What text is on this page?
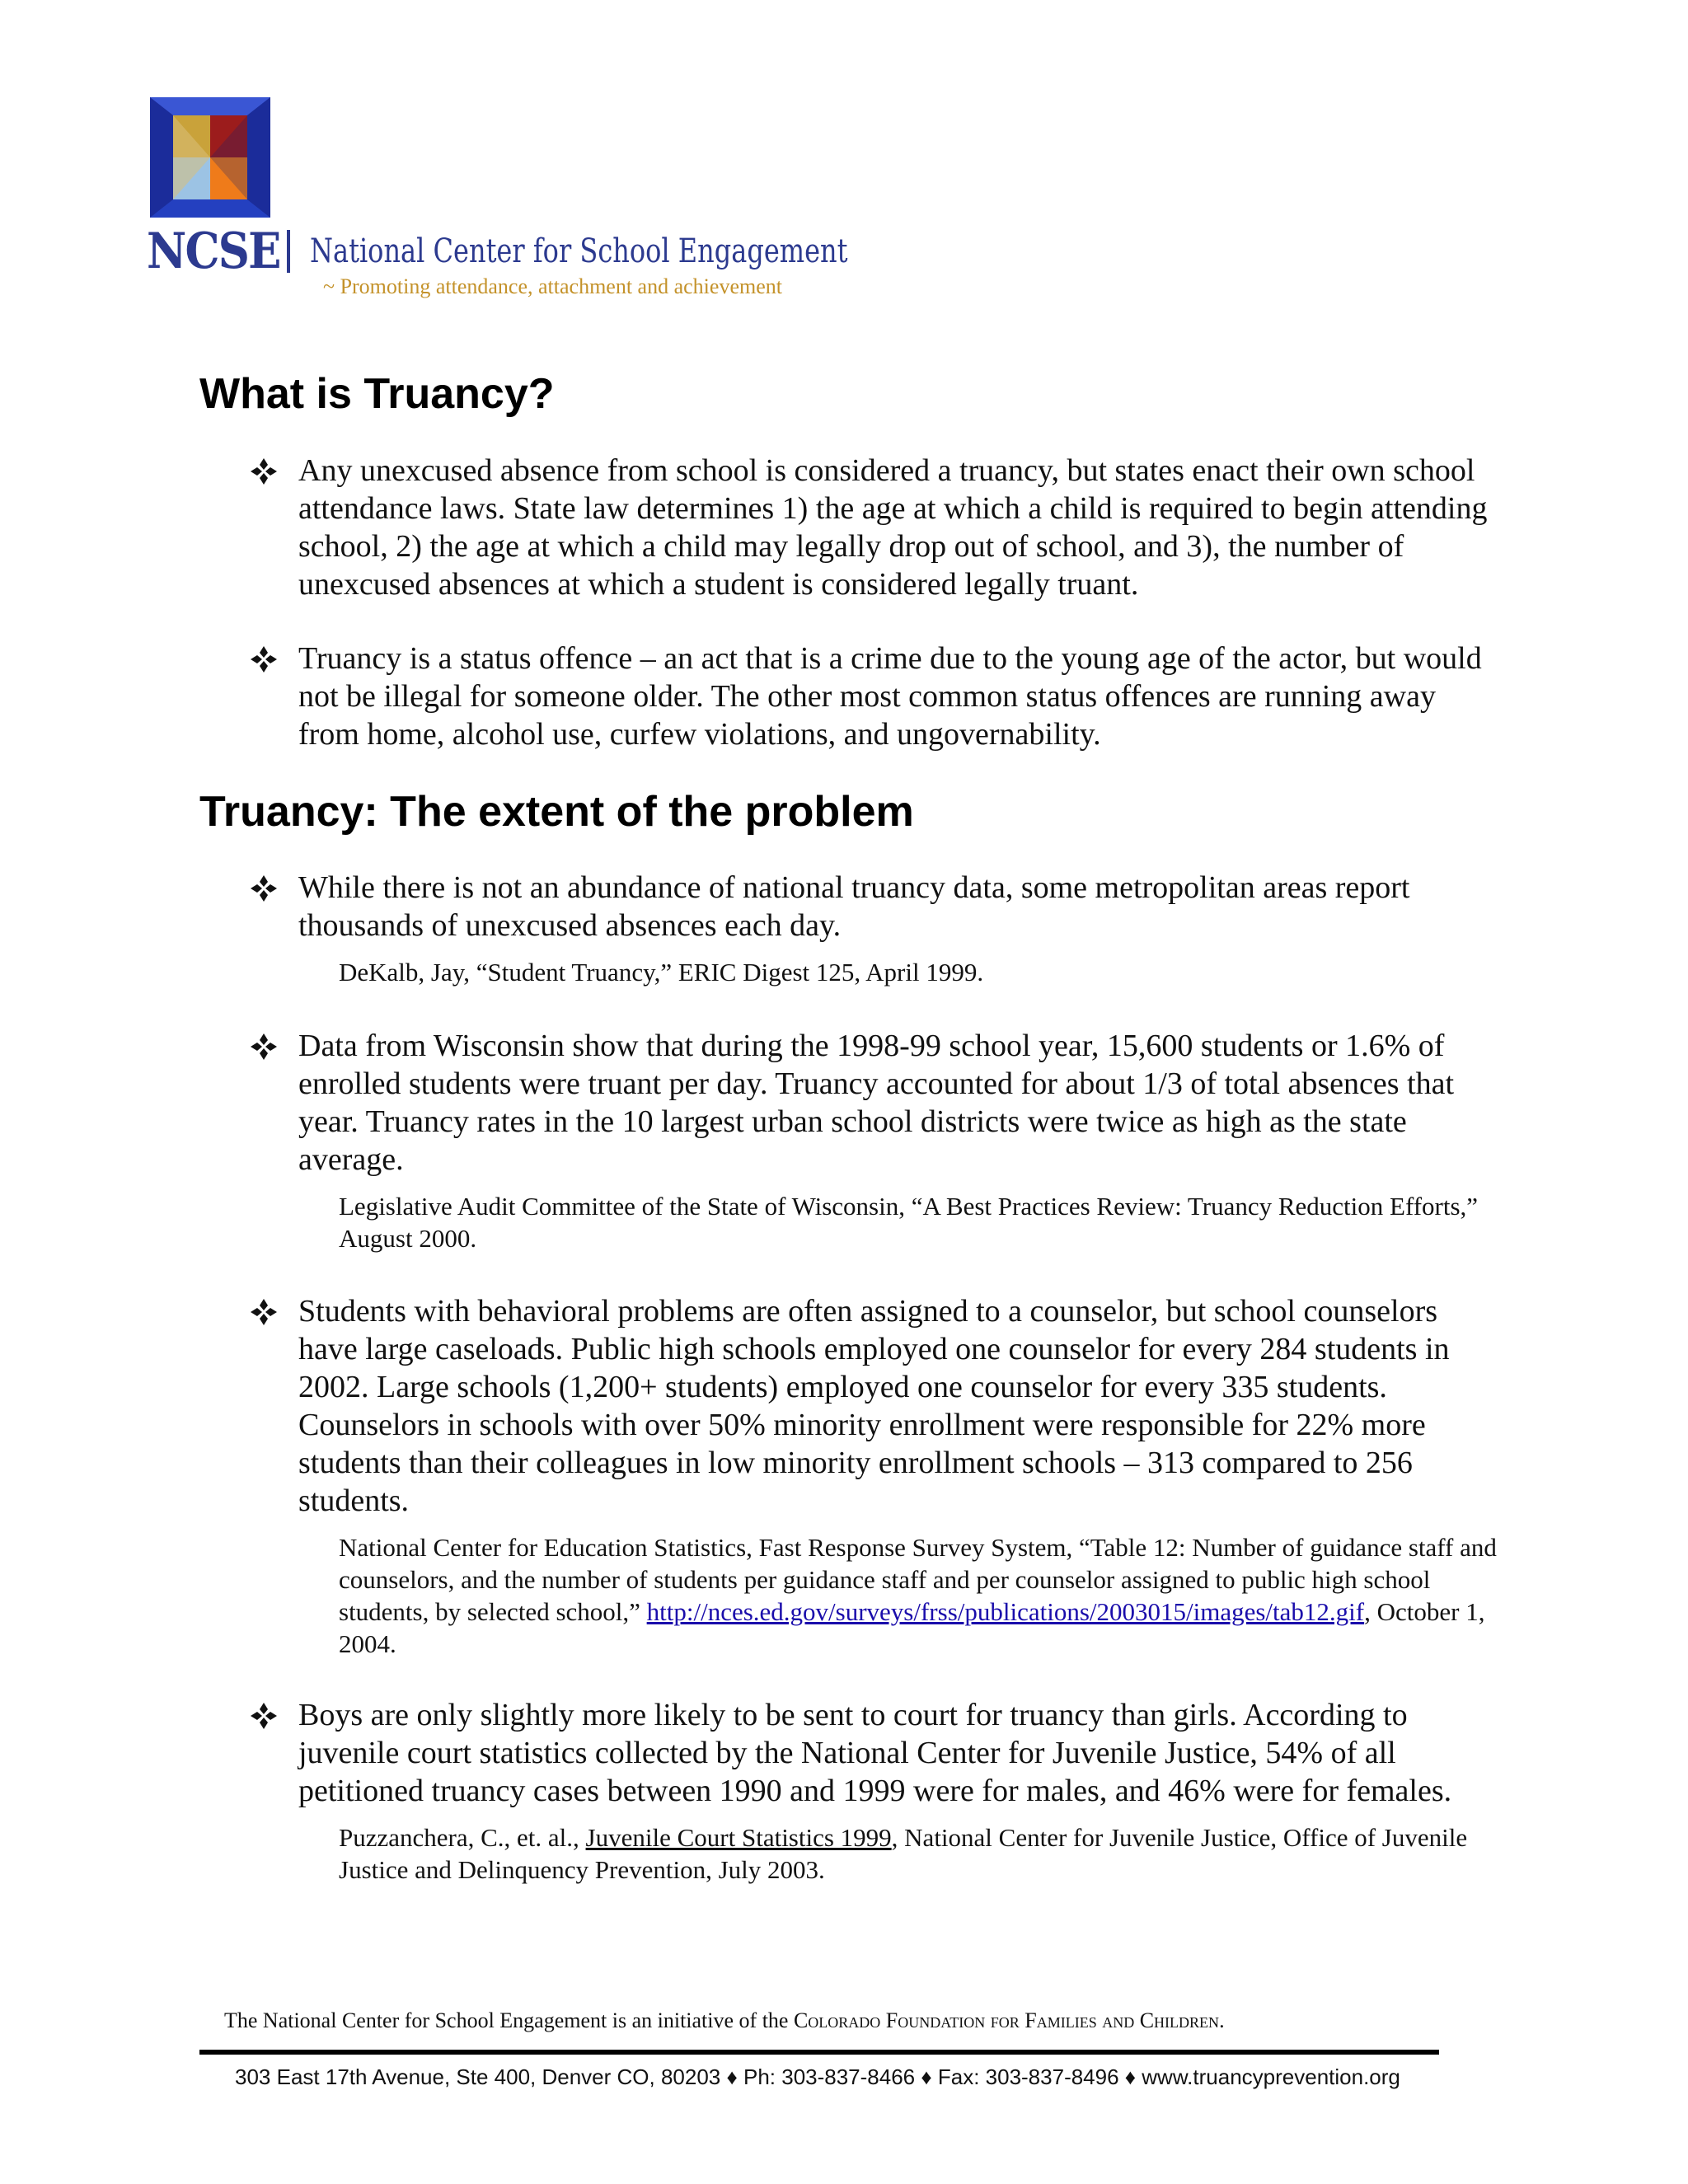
NCSE National Center for School Engagement
~ Promoting attendance, attachment and achievement
What is Truancy?
Any unexcused absence from school is considered a truancy, but states enact their own school attendance laws. State law determines 1) the age at which a child is required to begin attending school, 2) the age at which a child may legally drop out of school, and 3), the number of unexcused absences at which a student is considered legally truant.
Truancy is a status offence – an act that is a crime due to the young age of the actor, but would not be illegal for someone older. The other most common status offences are running away from home, alcohol use, curfew violations, and ungovernability.
Truancy: The extent of the problem
While there is not an abundance of national truancy data, some metropolitan areas report thousands of unexcused absences each day.
DeKalb, Jay, “Student Truancy,” ERIC Digest 125, April 1999.
Data from Wisconsin show that during the 1998-99 school year, 15,600 students or 1.6% of enrolled students were truant per day. Truancy accounted for about 1/3 of total absences that year. Truancy rates in the 10 largest urban school districts were twice as high as the state average.
Legislative Audit Committee of the State of Wisconsin, “A Best Practices Review: Truancy Reduction Efforts,” August 2000.
Students with behavioral problems are often assigned to a counselor, but school counselors have large caseloads. Public high schools employed one counselor for every 284 students in 2002. Large schools (1,200+ students) employed one counselor for every 335 students. Counselors in schools with over 50% minority enrollment were responsible for 22% more students than their colleagues in low minority enrollment schools – 313 compared to 256 students.
National Center for Education Statistics, Fast Response Survey System, “Table 12: Number of guidance staff and counselors, and the number of students per guidance staff and per counselor assigned to public high school students, by selected school,” http://nces.ed.gov/surveys/frss/publications/2003015/images/tab12.gif, October 1, 2004.
Boys are only slightly more likely to be sent to court for truancy than girls. According to juvenile court statistics collected by the National Center for Juvenile Justice, 54% of all petitioned truancy cases between 1990 and 1999 were for males, and 46% were for females.
Puzzanchera, C., et. al., Juvenile Court Statistics 1999, National Center for Juvenile Justice, Office of Juvenile Justice and Delinquency Prevention, July 2003.
The National Center for School Engagement is an initiative of the Colorado Foundation for Families and Children.
303 East 17th Avenue, Ste 400, Denver CO, 80203 ♦ Ph: 303-837-8466 ♦ Fax: 303-837-8496 ♦ www.truancyprevention.org
